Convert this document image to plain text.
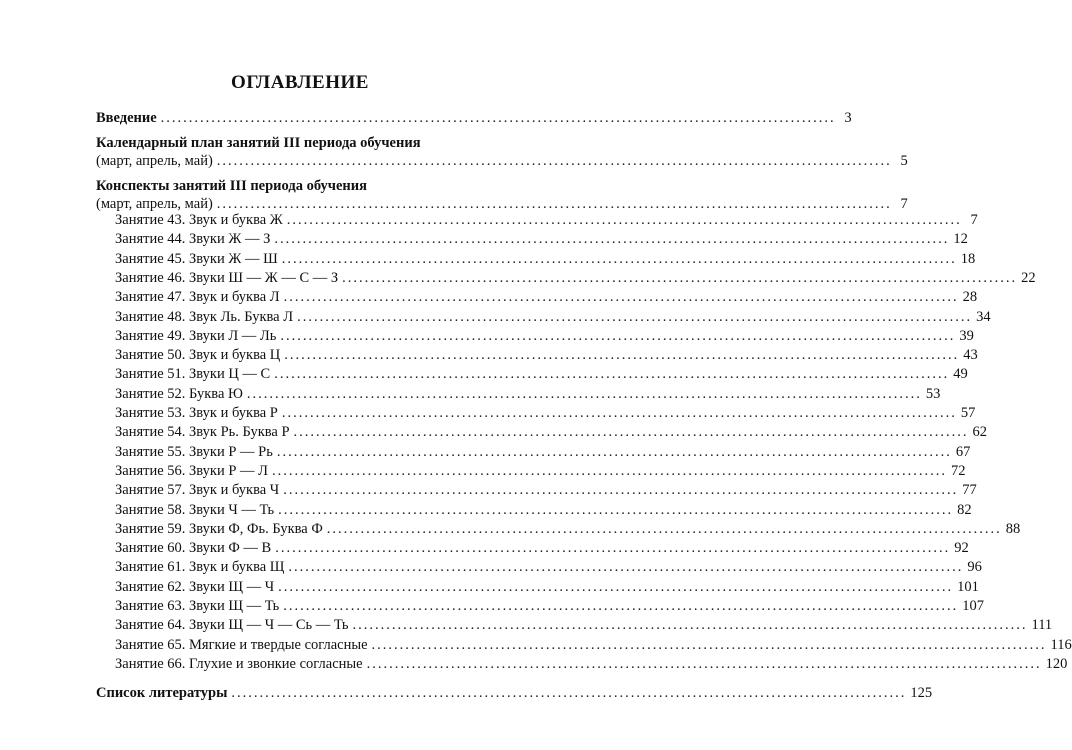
ОГЛАВЛЕНИЕ
Введение ........................................................................................................................ 3
Календарный план занятий III периода обучения
(март, апрель, май) ........................................................................................................................ 5
Конспекты занятий III периода обучения
(март, апрель, май) ........................................................................................................................ 7
Занятие 43. Звук и буква Ж ........................................................................................................................ 7
Занятие 44. Звуки Ж — З ........................................................................................................................ 12
Занятие 45. Звуки Ж — Ш ........................................................................................................................ 18
Занятие 46. Звуки Ш — Ж — С — З ........................................................................................................................ 22
Занятие 47. Звук и буква Л ........................................................................................................................ 28
Занятие 48. Звук Ль. Буква Л ........................................................................................................................ 34
Занятие 49. Звуки Л — Ль ........................................................................................................................ 39
Занятие 50. Звук и буква Ц ........................................................................................................................ 43
Занятие 51. Звуки Ц — С ........................................................................................................................ 49
Занятие 52. Буква Ю ........................................................................................................................ 53
Занятие 53. Звук и буква Р ........................................................................................................................ 57
Занятие 54. Звук Рь. Буква Р ........................................................................................................................ 62
Занятие 55. Звуки Р — Рь ........................................................................................................................ 67
Занятие 56. Звуки Р — Л ........................................................................................................................ 72
Занятие 57. Звук и буква Ч ........................................................................................................................ 77
Занятие 58. Звуки Ч — Ть ........................................................................................................................ 82
Занятие 59. Звуки Ф, Фь. Буква Ф ........................................................................................................................ 88
Занятие 60. Звуки Ф — В ........................................................................................................................ 92
Занятие 61. Звук и буква Щ ........................................................................................................................ 96
Занятие 62. Звуки Щ — Ч ........................................................................................................................ 101
Занятие 63. Звуки Щ — Ть ........................................................................................................................ 107
Занятие 64. Звуки Щ — Ч — Сь — Ть ........................................................................................................................ 111
Занятие 65. Мягкие и твердые согласные ........................................................................................................................ 116
Занятие 66. Глухие и звонкие согласные ........................................................................................................................ 120
Список литературы ........................................................................................................................ 125
